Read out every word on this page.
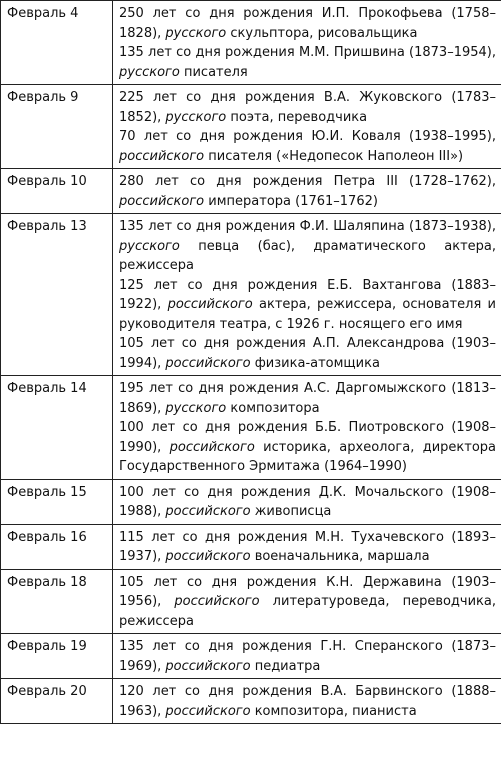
Февраль 4	250 лет со дня рождения И.П. Прокофьева (1758–1828), русского скульптора, рисовальщика
135 лет со дня рождения М.М. Пришвина (1873–1954), русского писателя

Февраль 9	225 лет со дня рождения В.А. Жуковского (1783–1852), русского поэта, переводчика
70 лет со дня рождения Ю.И. Коваля (1938–1995), российского писателя («Недопесок Наполеон III»)

Февраль 10	280 лет со дня рождения Петра III (1728–1762), российского императора (1761–1762)

Февраль 13	135 лет со дня рождения Ф.И. Шаляпина (1873–1938), русского певца (бас), драматического актера, режиссера
125 лет со дня рождения Е.Б. Вахтангова (1883–1922), российского актера, режиссера, основателя и руководителя театра, с 1926 г. носящего его имя
105 лет со дня рождения А.П. Александрова (1903–1994), российского физика-атомщика

Февраль 14	195 лет со дня рождения А.С. Даргомыжского (1813–1869), русского композитора
100 лет со дня рождения Б.Б. Пиотровского (1908–1990), российского историка, археолога, директора Государственного Эрмитажа (1964–1990)

Февраль 15	100 лет со дня рождения Д.К. Мочальского (1908–1988), российского живописца

Февраль 16	115 лет со дня рождения М.Н. Тухачевского (1893–1937), российского военачальника, маршала

Февраль 18	105 лет со дня рождения К.Н. Державина (1903–1956), российского литературоведа, переводчика, режиссера

Февраль 19	135 лет со дня рождения Г.Н. Сперанского (1873–1969), российского педиатра

Февраль 20	120 лет со дня рождения В.А. Барвинского (1888–1963), российского композитора, пианиста
